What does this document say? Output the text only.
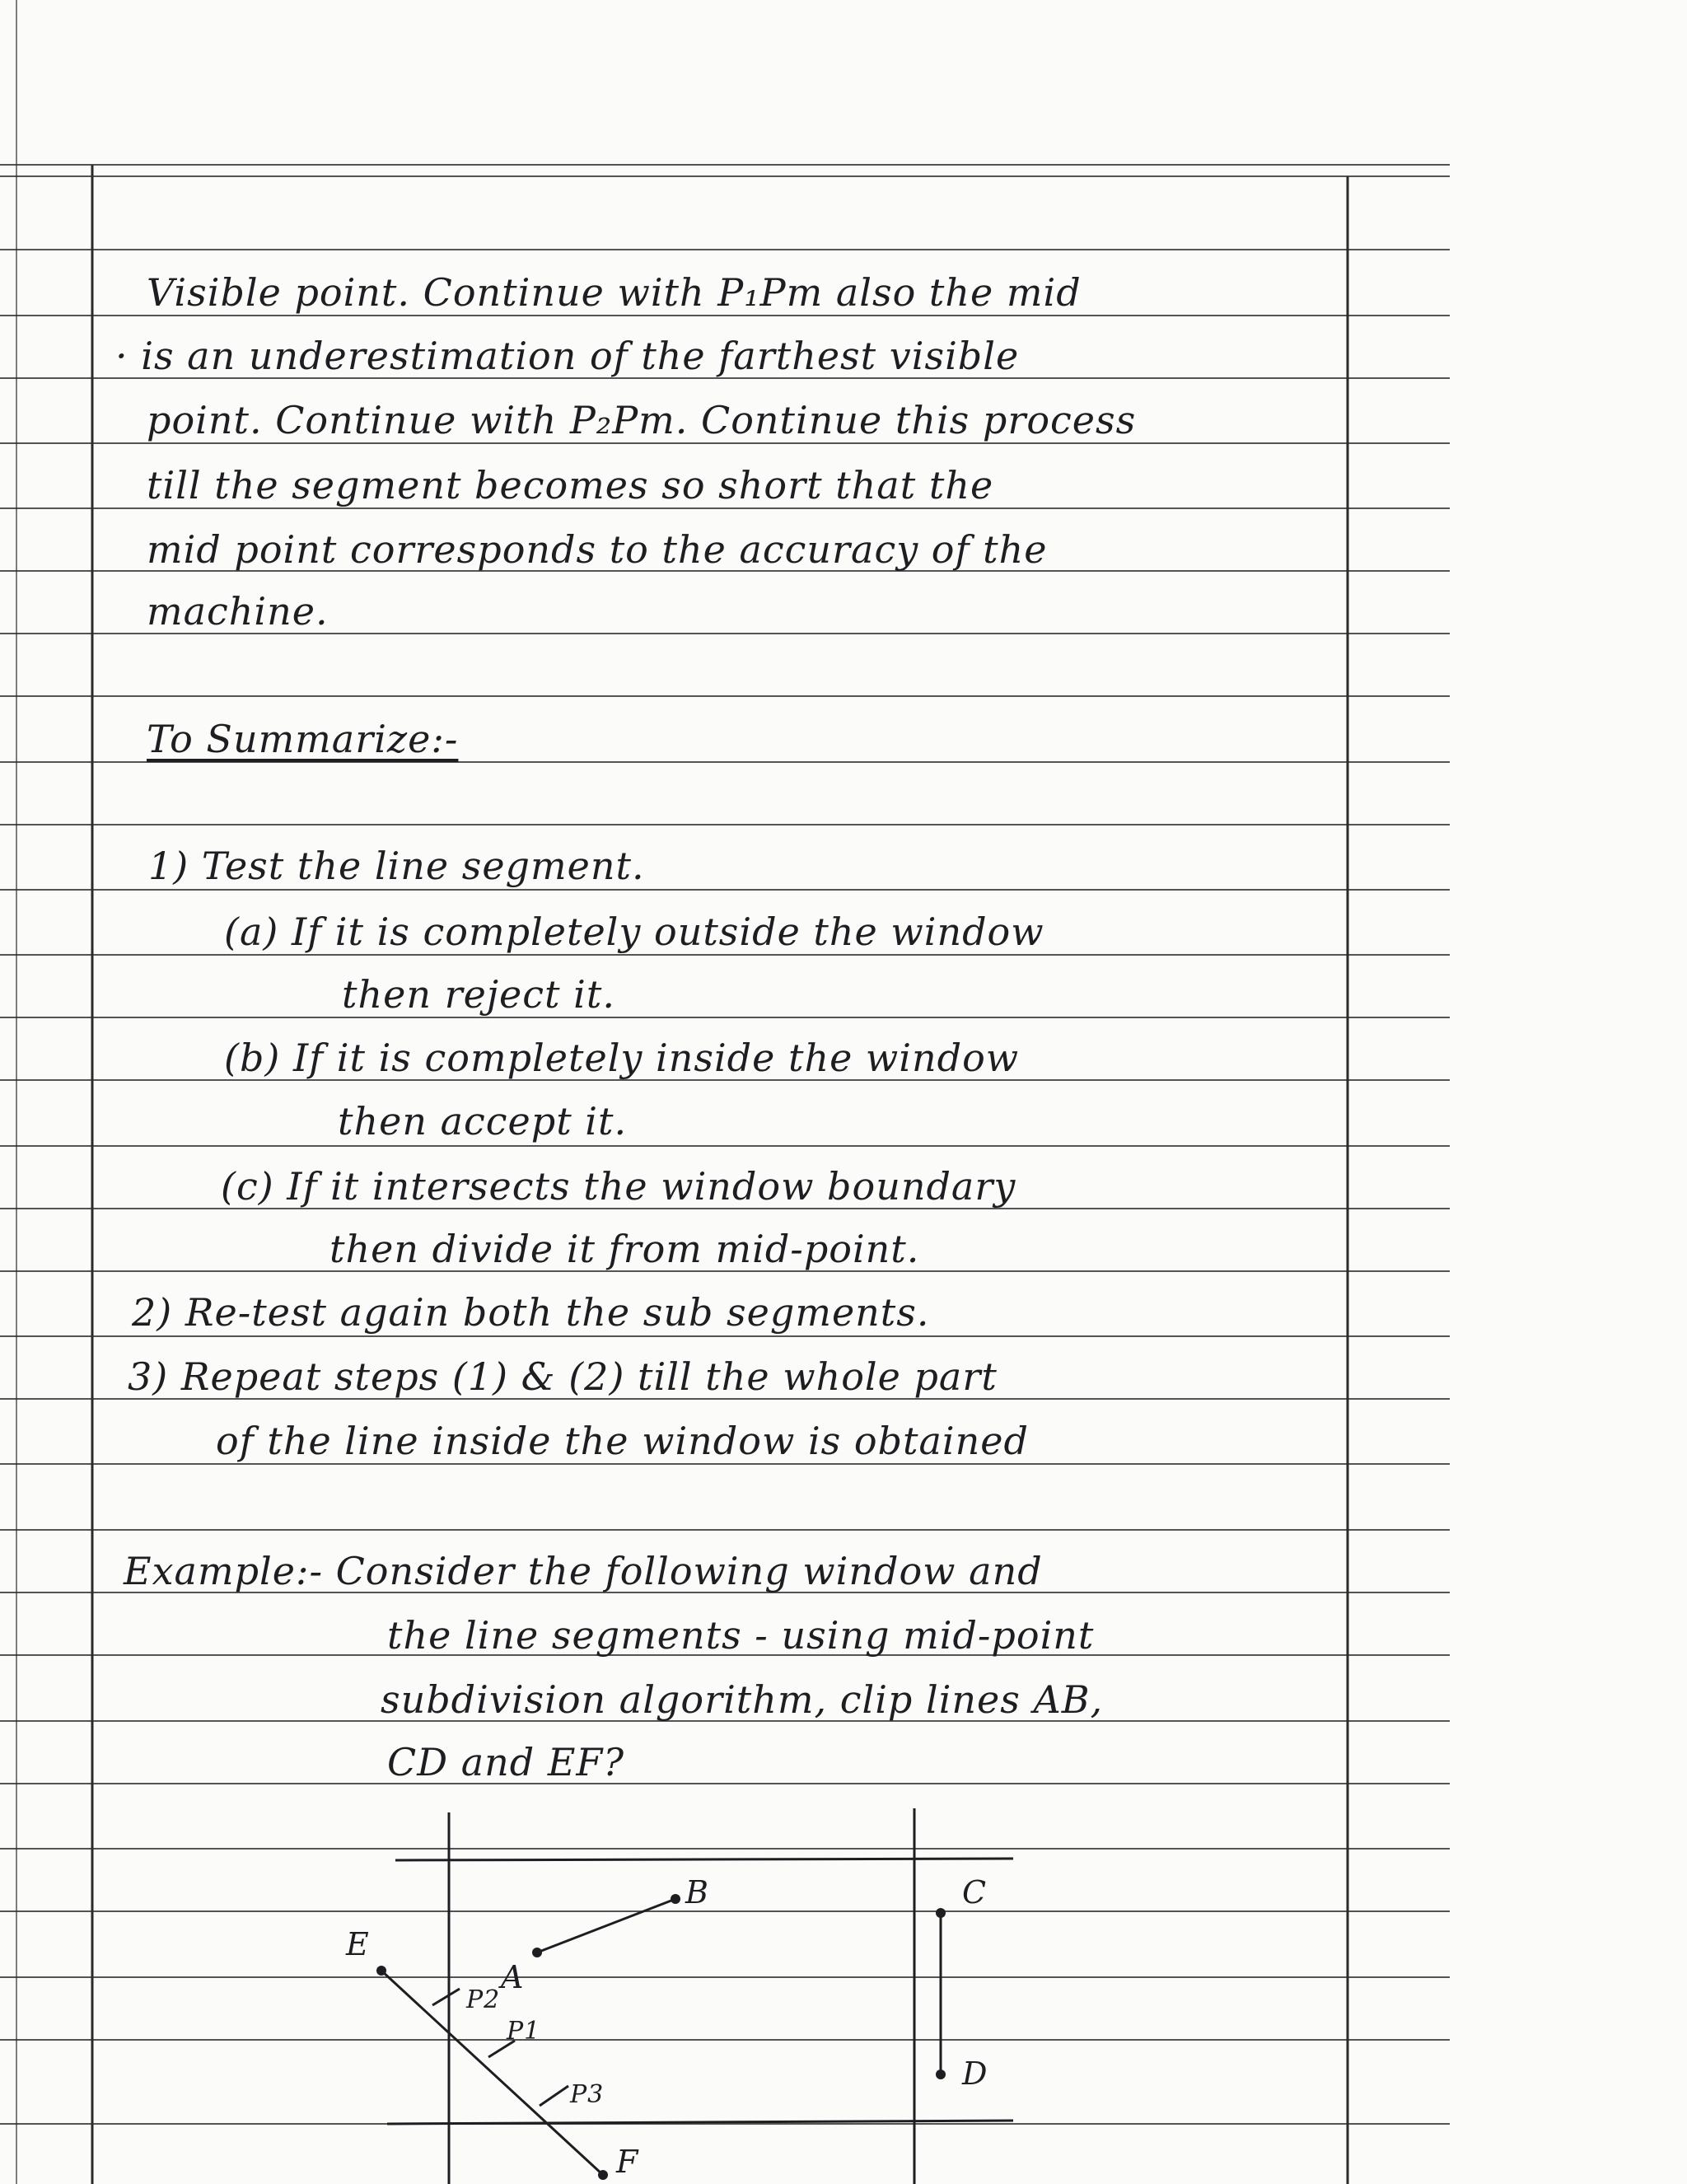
Visible point. Continue with P₁Pm also the mid
· is an underestimation of the farthest visible
point. Continue with P₂Pm. Continue this process
till the segment becomes so short that the
mid point corresponds to the accuracy of the
machine.
To Summarize:-
1) Test the line segment.
(a) If it is completely outside the window
then reject it.
(b) If it is completely inside the window
then accept it.
(c) If it intersects the window boundary
then divide it from mid-point.
2) Re-test again both the sub segments.
3) Repeat steps (1) & (2) till the whole part
of the line inside the window is obtained
Example:- Consider the following window and
the line segments - using mid-point
subdivision algorithm, clip lines AB,
CD and EF?
B
A
C
D
E
F
P2
P1
P3
